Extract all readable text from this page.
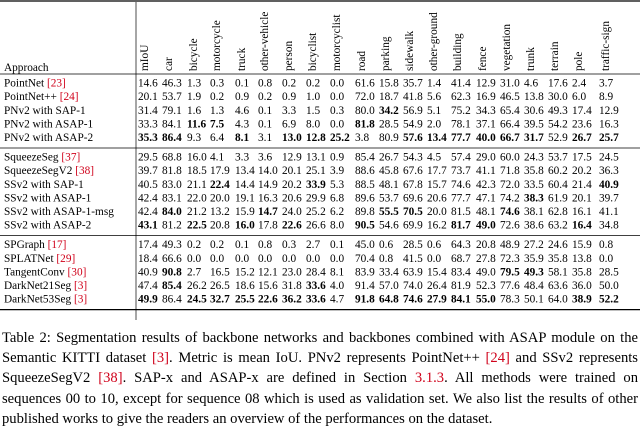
Approach	mIoU car bicycle motorcycle truck other-vehicle person bicyclist motorcyclist road parking sidewalk other-ground building fence vegetation trunk terrain pole traffic-sign
PointNet [23]	14.6 46.3 1.3 0.3 0.1 0.8 0.2 0.2 0.0 61.6 15.8 35.7 1.4 41.4 12.9 31.0 4.6 17.6 2.4 3.7
PointNet++ [24]	20.1 53.7 1.9 0.2 0.9 0.2 0.9 1.0 0.0 72.0 18.7 41.8 5.6 62.3 16.9 46.5 13.8 30.0 6.0 8.9
PNv2 with SAP-1	31.4 79.1 1.6 1.3 4.6 0.1 3.3 1.5 0.3 80.0 34.2 56.9 5.1 75.2 34.3 65.4 30.6 49.3 17.4 12.9
PNv2 with ASAP-1	33.3 84.1 11.6 7.5 4.3 0.1 6.9 8.0 0.0 81.8 28.5 54.9 2.0 78.1 37.1 66.4 39.5 54.2 23.6 16.3
PNv2 with ASAP-2	35.3 86.4 9.3 6.4 8.1 3.1 13.0 12.8 25.2 3.8 80.9 57.6 13.4 77.7 40.0 66.7 31.7 52.9 26.7 25.7
SqueezeSeg [37]	29.5 68.8 16.0 4.1 3.3 3.6 12.9 13.1 0.9 85.4 26.7 54.3 4.5 57.4 29.0 60.0 24.3 53.7 17.5 24.5
SqueezeSegV2 [38]	39.7 81.8 18.5 17.9 13.4 14.0 20.1 25.1 3.9 88.6 45.8 67.6 17.7 73.7 41.1 71.8 35.8 60.2 20.2 36.3
SSv2 with SAP-1	40.5 83.0 21.1 22.4 14.4 14.9 20.2 33.9 5.3 88.5 48.1 67.8 15.7 74.6 42.3 72.0 33.5 60.4 21.4 40.9
SSv2 with ASAP-1	42.4 83.1 22.0 20.0 19.1 16.3 20.6 29.9 6.8 89.6 53.7 69.6 20.6 77.7 47.1 74.2 38.3 61.9 20.1 39.7
SSv2 with ASAP-1-msg 42.4 84.0 21.2 13.2 15.9 14.7 24.0 25.2 6.2 89.8 55.5 70.5 20.0 81.5 48.1 74.6 38.1 62.8 16.1 41.1
SSv2 with ASAP-2	43.1 81.2 22.5 20.8 16.0 17.8 22.6 26.6 8.0 90.5 54.6 69.9 16.2 81.7 49.0 72.6 38.6 63.2 16.4 34.8
SPGraph [17]	17.4 49.3 0.2 0.2 0.1 0.8 0.3 2.7 0.1 45.0 0.6 28.5 0.6 64.3 20.8 48.9 27.2 24.6 15.9 0.8
SPLATNet [29]	18.4 66.6 0.0 0.0 0.0 0.0 0.0 0.0 0.0 70.4 0.8 41.5 0.0 68.7 27.8 72.3 35.9 35.8 13.8 0.0
TangentConv [30]	40.9 90.8 2.7 16.5 15.2 12.1 23.0 28.4 8.1 83.9 33.4 63.9 15.4 83.4 49.0 79.5 49.3 58.1 35.8 28.5
DarkNet21Seg [3]	47.4 85.4 26.2 26.5 18.6 15.6 31.8 33.6 4.0 91.4 57.0 74.0 26.4 81.9 52.3 77.6 48.4 63.6 36.0 50.0
DarkNet53Seg [3]	49.9 86.4 24.5 32.7 25.5 22.6 36.2 33.6 4.7 91.8 64.8 74.6 27.9 84.1 55.0 78.3 50.1 64.0 38.9 52.2

Table 2: Segmentation results of backbone networks and backbones combined with ASAP module on the Semantic KITTI dataset [3]. Metric is mean IoU. PNv2 represents PointNet++ [24] and SSv2 represents SqueezeSegV2 [38]. SAP-x and ASAP-x are defined in Section 3.1.3. All methods were trained on sequences 00 to 10, except for sequence 08 which is used as validation set. We also list the results of other published works to give the readers an overview of the performances on the dataset.
